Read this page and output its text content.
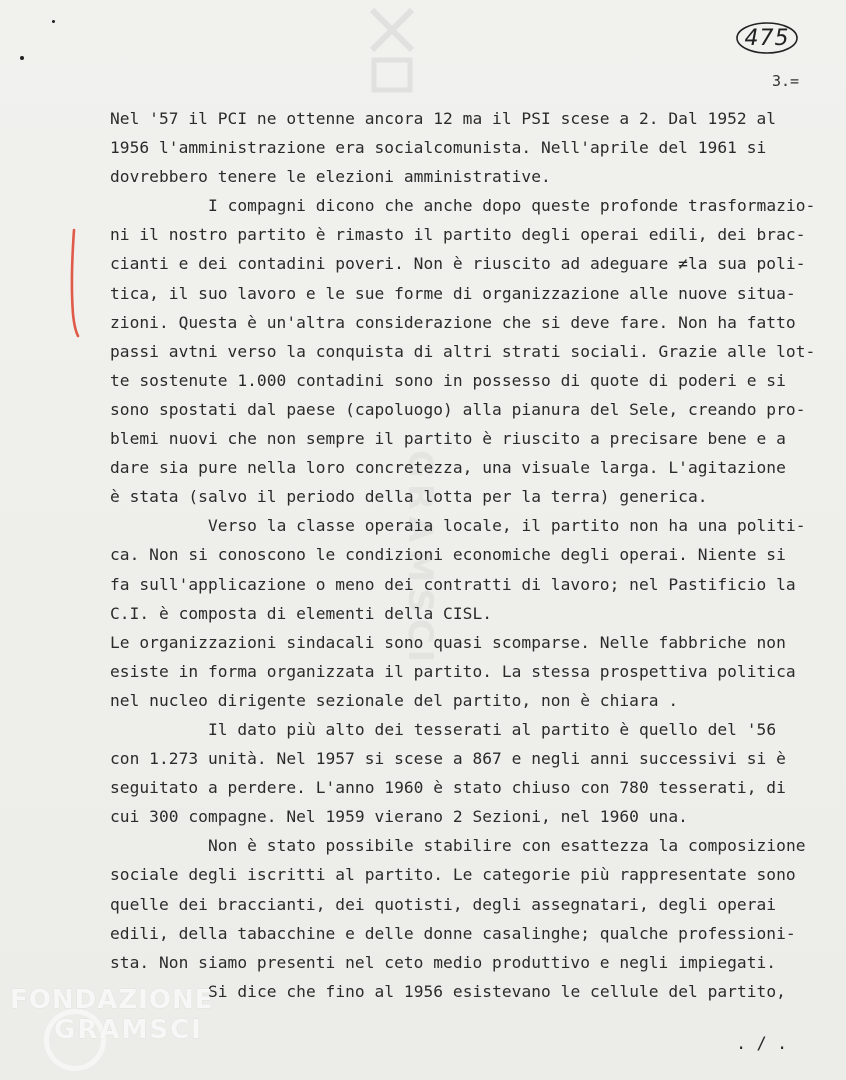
GRAMSCI
475
3.=
Nel '57 il PCI ne ottenne ancora 12 ma il PSI scese a 2. Dal 1952 al
1956 l'amministrazione era socialcomunista. Nell'aprile del 1961 si
dovrebbero tenere le elezioni amministrative.
I compagni dicono che anche dopo queste profonde trasformazio-
ni il nostro partito è rimasto il partito degli operai edili, dei brac-
cianti e dei contadini poveri. Non è riuscito ad adeguare ≠la sua poli-
tica, il suo lavoro e le sue forme di organizzazione alle nuove situa-
zioni. Questa è un'altra considerazione che si deve fare. Non ha fatto
passi avtni verso la conquista di altri strati sociali. Grazie alle lot-
te sostenute 1.000 contadini sono in possesso di quote di poderi e si
sono spostati dal paese (capoluogo) alla pianura del Sele, creando pro-
blemi nuovi che non sempre il partito è riuscito a precisare bene e a
dare sia pure nella loro concretezza, una visuale larga. L'agitazione
è stata (salvo il periodo della lotta per la terra) generica.
Verso la classe operaia locale, il partito non ha una politi-
ca. Non si conoscono le condizioni economiche degli operai. Niente si
fa sull'applicazione o meno dei contratti di lavoro; nel Pastificio la
C.I. è composta di elementi della CISL.
Le organizzazioni sindacali sono quasi scomparse. Nelle fabbriche non
esiste in forma organizzata il partito. La stessa prospettiva politica
nel nucleo dirigente sezionale del partito, non è chiara .
Il dato più alto dei tesserati al partito è quello del '56
con 1.273 unità. Nel 1957 si scese a 867 e negli anni successivi si è
seguitato a perdere. L'anno 1960 è stato chiuso con 780 tesserati, di
cui 300 compagne. Nel 1959 vierano 2 Sezioni, nel 1960 una.
Non è stato possibile stabilire con esattezza la composizione
sociale degli iscritti al partito. Le categorie più rappresentate sono
quelle dei braccianti, dei quotisti, degli assegnatari, degli operai
edili, della tabacchine e delle donne casalinghe; qualche professioni-
sta. Non siamo presenti nel ceto medio produttivo e negli impiegati.
Si dice che fino al 1956 esistevano le cellule del partito,
FONDAZIONE
GRAMSCI	. / .
